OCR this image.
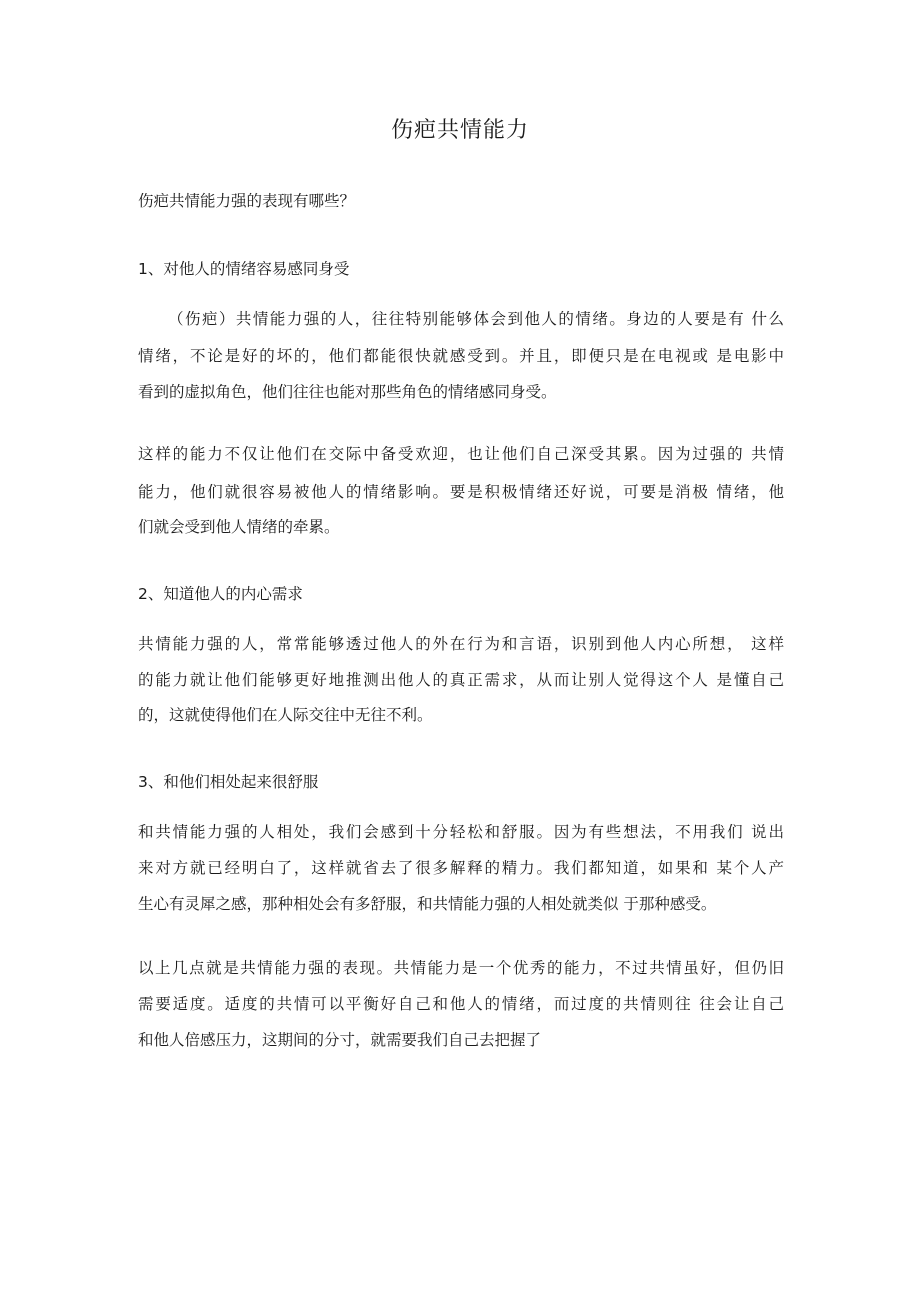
伤疤共情能力
伤疤共情能力强的表现有哪些？
1、对他人的情绪容易感同身受
（伤疤）共情能力强的人，往往特别能够体会到他人的情绪。身边的人要是有 什么
情绪，不论是好的坏的，他们都能很快就感受到。并且，即便只是在电视或 是电影中
看到的虚拟角色，他们往往也能对那些角色的情绪感同身受。
这样的能力不仅让他们在交际中备受欢迎，也让他们自己深受其累。因为过强的 共情
能力，他们就很容易被他人的情绪影响。要是积极情绪还好说，可要是消极 情绪，他
们就会受到他人情绪的牵累。
2、知道他人的内心需求
共情能力强的人，常常能够透过他人的外在行为和言语，识别到他人内心所想， 这样
的能力就让他们能够更好地推测出他人的真正需求，从而让别人觉得这个人 是懂自己
的，这就使得他们在人际交往中无往不利。
3、和他们相处起来很舒服
和共情能力强的人相处，我们会感到十分轻松和舒服。因为有些想法，不用我们 说出
来对方就已经明白了，这样就省去了很多解释的精力。我们都知道，如果和 某个人产
生心有灵犀之感，那种相处会有多舒服，和共情能力强的人相处就类似 于那种感受。
以上几点就是共情能力强的表现。共情能力是一个优秀的能力，不过共情虽好，但仍旧
需要适度。适度的共情可以平衡好自己和他人的情绪，而过度的共情则往 往会让自己
和他人倍感压力，这期间的分寸，就需要我们自己去把握了
